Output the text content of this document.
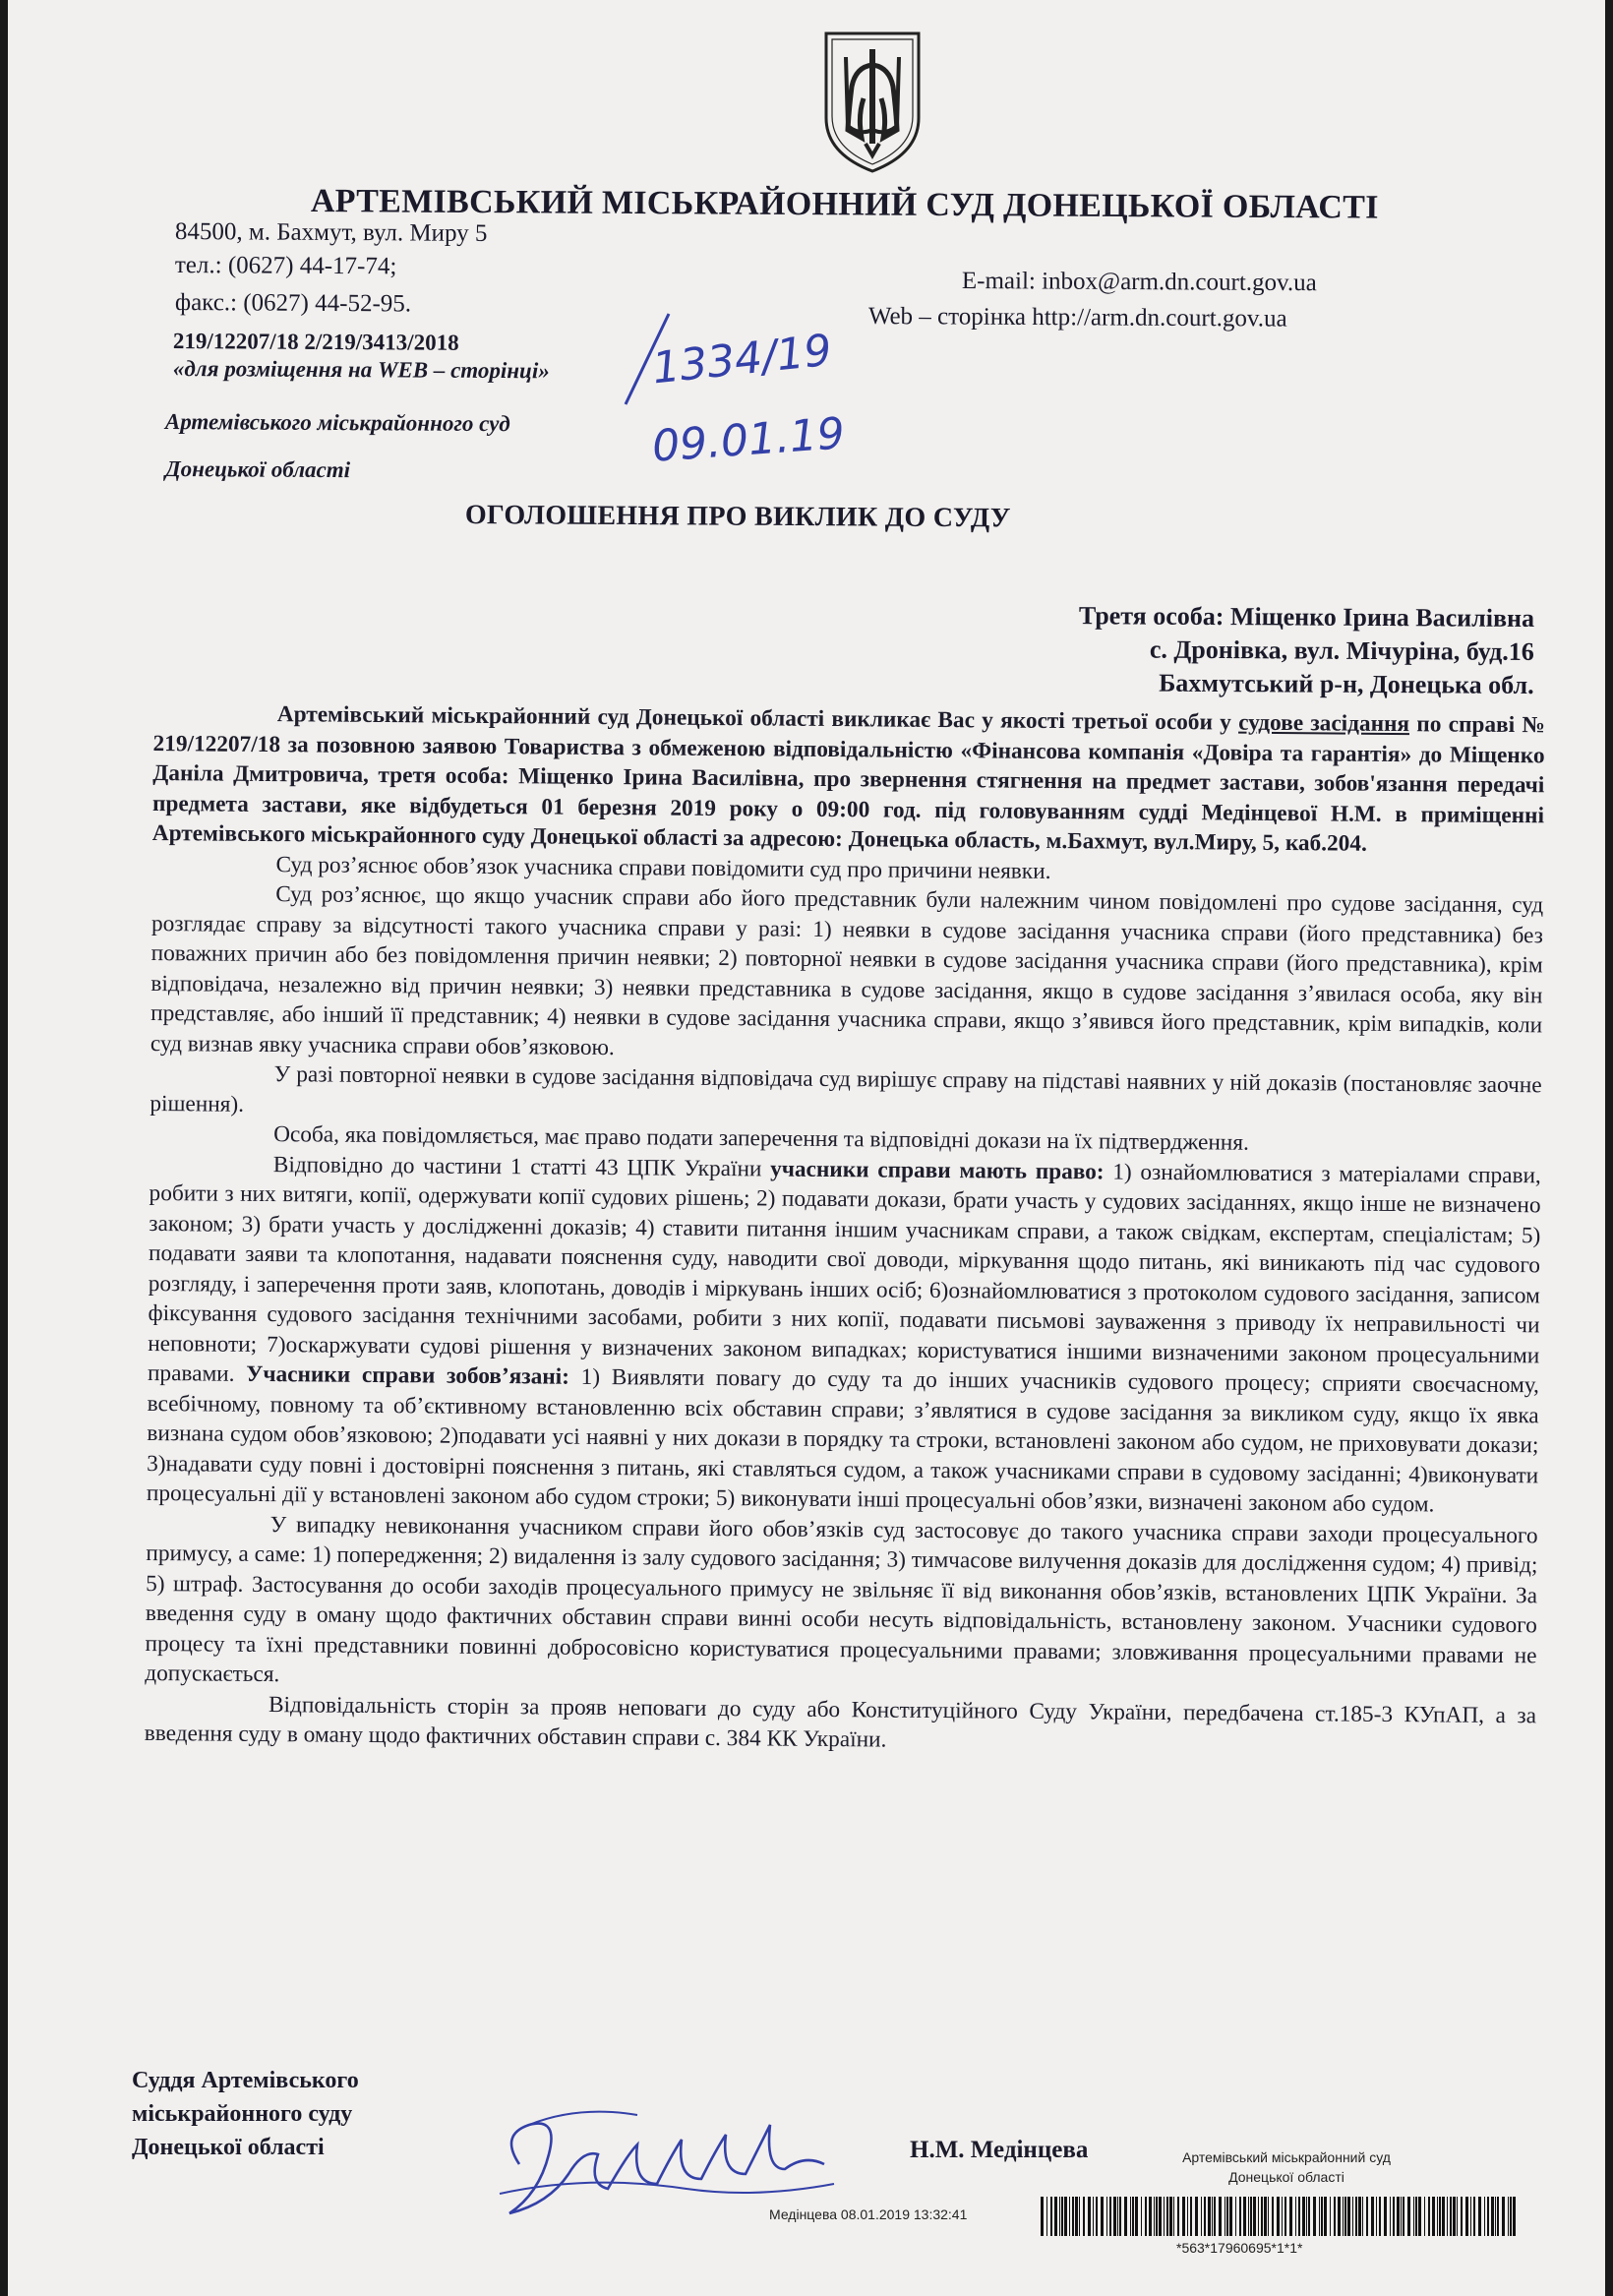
АРТЕМІВСЬКИЙ МІСЬКРАЙОННИЙ СУД ДОНЕЦЬКОЇ ОБЛАСТІ
84500, м. Бахмут, вул. Миру 5
тел.: (0627) 44-17-74;
факс.: (0627) 44-52-95.
E-mail: inbox@arm.dn.court.gov.ua
Web – сторінка http://arm.dn.court.gov.ua
219/12207/18 2/219/3413/2018
«для розміщення на WEB – сторінці»
Артемівського міськрайонного суд
Донецької області
1334/19
09.01.19
ОГОЛОШЕННЯ ПРО ВИКЛИК ДО СУДУ
Третя особа: Міщенко Ірина Василівна
с. Дронівка, вул. Мічуріна, буд.16
Бахмутський р-н, Донецька обл.

Артемівський міськрайонний суд Донецької області викликає Вас у якості третьої особи у судове засідання по справі № 219/12207/18 за позовною заявою Товариства з обмеженою відповідальністю «Фінансова компанія «Довіра та гарантія» до Міщенко Даніла Дмитровича, третя особа: Міщенко Ірина Василівна, про звернення стягнення на предмет застави, зобов'язання передачі предмета застави, яке відбудеться 01 березня 2019 року о 09:00 год. під головуванням судді Медінцевої Н.М. в приміщенні Артемівського міськрайонного суду Донецької області за адресою: Донецька область, м.Бахмут, вул.Миру, 5, каб.204.

Суд роз’яснює обов’язок учасника справи повідомити суд про причини неявки.

Суд роз’яснює, що якщо учасник справи або його представник були належним чином повідомлені про судове засідання, суд розглядає справу за відсутності такого учасника справи у разі: 1) неявки в судове засідання учасника справи (його представника) без поважних причин або без повідомлення причин неявки; 2) повторної неявки в судове засідання учасника справи (його представника), крім відповідача, незалежно від причин неявки; 3) неявки представника в судове засідання, якщо в судове засідання з’явилася особа, яку він представляє, або інший її представник; 4) неявки в судове засідання учасника справи, якщо з’явився його представник, крім випадків, коли суд визнав явку учасника справи обов’язковою.

У разі повторної неявки в судове засідання відповідача суд вирішує справу на підставі наявних у ній доказів (постановляє заочне рішення).

Особа, яка повідомляється, має право подати заперечення та відповідні докази на їх підтвердження.

Відповідно до частини 1 статті 43 ЦПК України учасники справи мають право: 1) ознайомлюватися з матеріалами справи, робити з них витяги, копії, одержувати копії судових рішень; 2) подавати докази, брати участь у судових засіданнях, якщо інше не визначено законом; 3) брати участь у дослідженні доказів; 4) ставити питання іншим учасникам справи, а також свідкам, експертам, спеціалістам; 5) подавати заяви та клопотання, надавати пояснення суду, наводити свої доводи, міркування щодо питань, які виникають під час судового розгляду, і заперечення проти заяв, клопотань, доводів і міркувань інших осіб; 6)ознайомлюватися з протоколом судового засідання, записом фіксування судового засідання технічними засобами, робити з них копії, подавати письмові зауваження з приводу їх неправильності чи неповноти; 7)оскаржувати судові рішення у визначених законом випадках; користуватися іншими визначеними законом процесуальними правами. Учасники справи зобов’язані: 1) Виявляти повагу до суду та до інших учасників судового процесу; сприяти своєчасному, всебічному, повному та об’єктивному встановленню всіх обставин справи; з’являтися в судове засідання за викликом суду, якщо їх явка визнана судом обов’язковою; 2)подавати усі наявні у них докази в порядку та строки, встановлені законом або судом, не приховувати докази; 3)надавати суду повні і достовірні пояснення з питань, які ставляться судом, а також учасниками справи в судовому засіданні; 4)виконувати процесуальні дії у встановлені законом або судом строки; 5) виконувати інші процесуальні обов’язки, визначені законом або судом.

У випадку невиконання учасником справи його обов’язків суд застосовує до такого учасника справи заходи процесуального примусу, а саме: 1) попередження; 2) видалення із залу судового засідання; 3) тимчасове вилучення доказів для дослідження судом; 4) привід; 5) штраф. Застосування до особи заходів процесуального примусу не звільняє її від виконання обов’язків, встановлених ЦПК України. За введення суду в оману щодо фактичних обставин справи винні особи несуть відповідальність, встановлену законом. Учасники судового процесу та їхні представники повинні добросовісно користуватися процесуальними правами; зловживання процесуальними правами не допускається.

Відповідальність сторін за прояв неповаги до суду або Конституційного Суду України, передбачена ст.185-3 КУпАП, а за введення суду в оману щодо фактичних обставин справи с. 384 КК України.

Суддя Артемівського
міськрайонного суду
Донецької області	Н.М. Медінцева	Артемівський міськрайонний суд
Донецької області
Медінцева 08.01.2019 13:32:41
*563*17960695*1*1*
